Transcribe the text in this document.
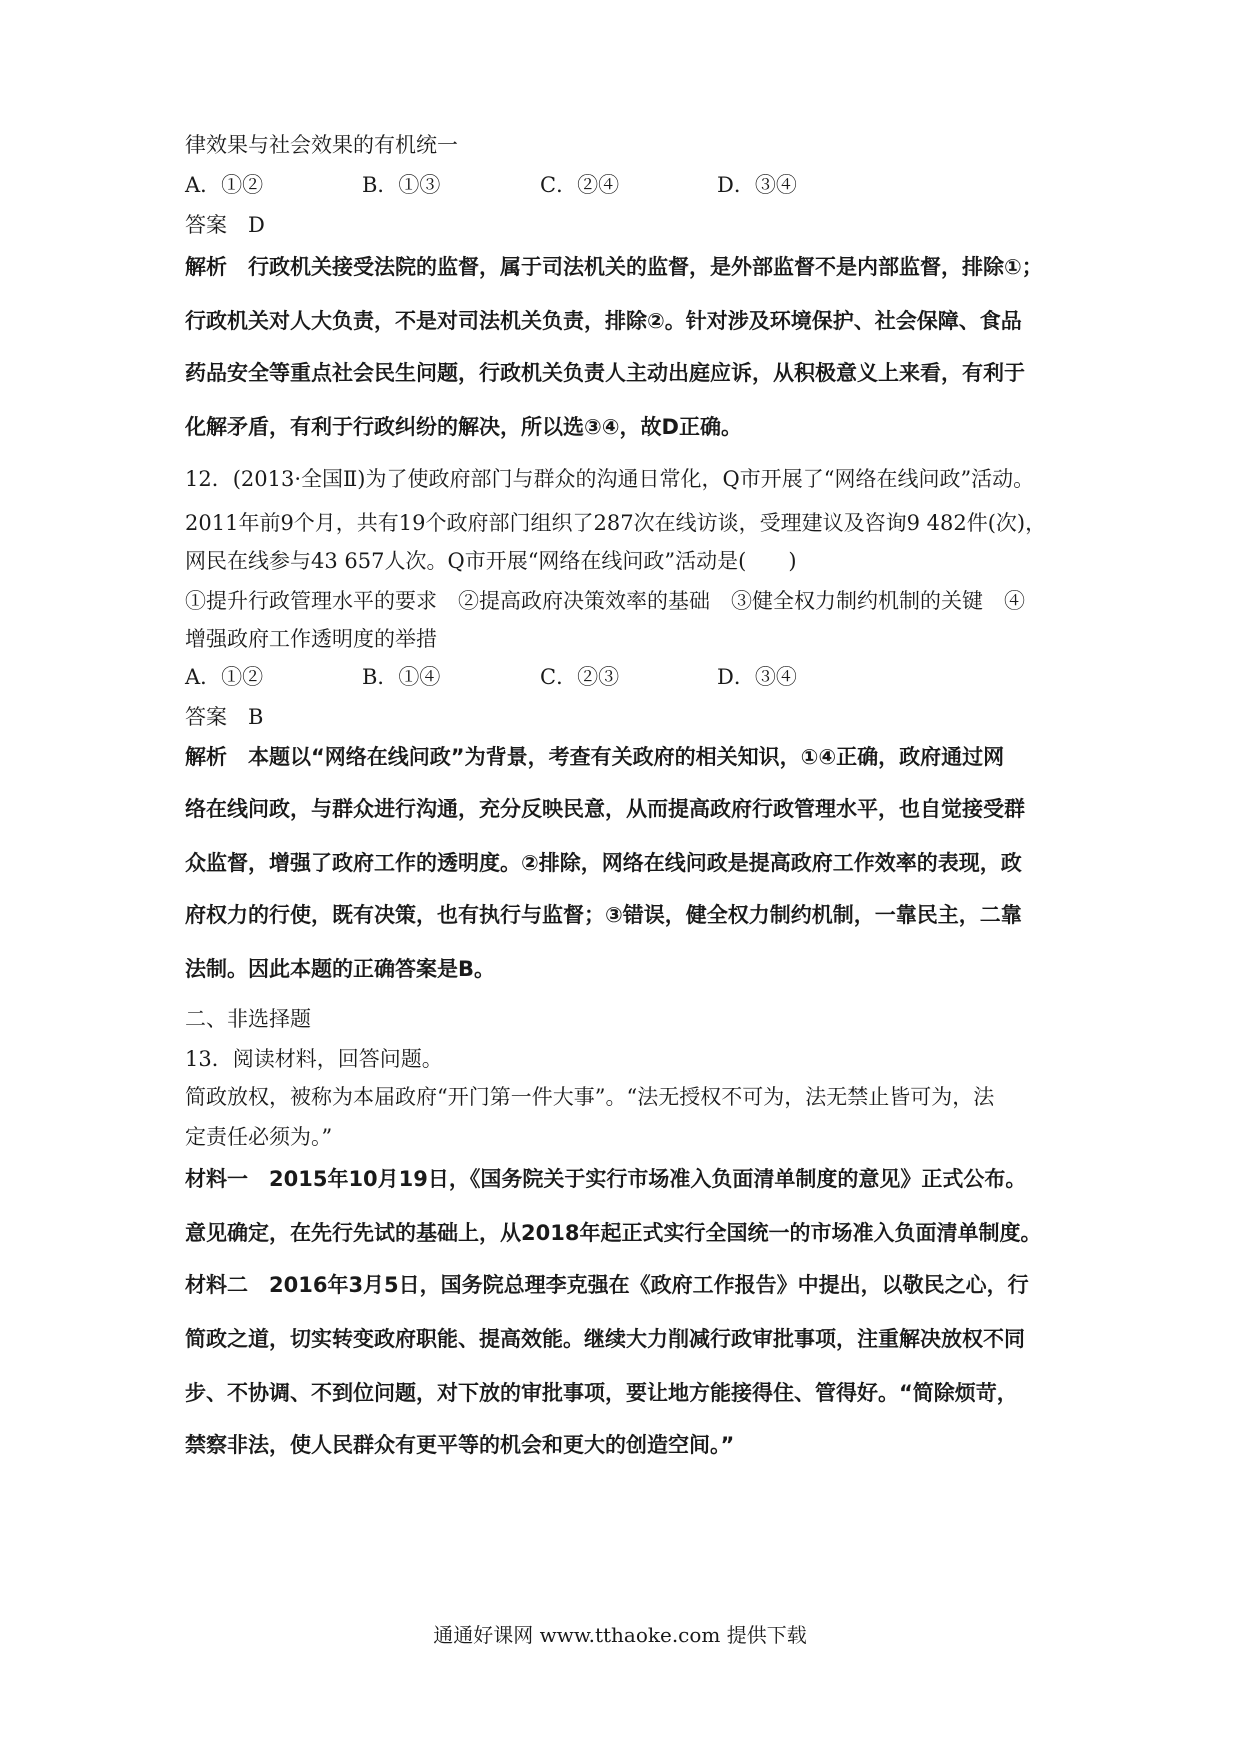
律效果与社会效果的有机统一
A．①②	B．①③	C．②④	D．③④
答案　D
解析　行政机关接受法院的监督，属于司法机关的监督，是外部监督不是内部监督，排除①；
行政机关对人大负责，不是对司法机关负责，排除②。针对涉及环境保护、社会保障、食品
药品安全等重点社会民生问题，行政机关负责人主动出庭应诉，从积极意义上来看，有利于
化解矛盾，有利于行政纠纷的解决，所以选③④，故D正确。
12．(2013·全国Ⅱ)为了使政府部门与群众的沟通日常化，Q市开展了“网络在线问政”活动。
2011年前9个月，共有19个政府部门组织了287次在线访谈，受理建议及咨询9 482件(次)，
网民在线参与43 657人次。Q市开展“网络在线问政”活动是(　　)
①提升行政管理水平的要求　②提高政府决策效率的基础　③健全权力制约机制的关键　④
增强政府工作透明度的举措
A．①②	B．①④	C．②③	D．③④
答案　B
解析　本题以“网络在线问政”为背景，考查有关政府的相关知识，①④正确，政府通过网
络在线问政，与群众进行沟通，充分反映民意，从而提高政府行政管理水平，也自觉接受群
众监督，增强了政府工作的透明度。②排除，网络在线问政是提高政府工作效率的表现，政
府权力的行使，既有决策，也有执行与监督；③错误，健全权力制约机制，一靠民主，二靠
法制。因此本题的正确答案是B。
二、非选择题
13．阅读材料，回答问题。
简政放权，被称为本届政府“开门第一件大事”。“法无授权不可为，法无禁止皆可为，法
定责任必须为。”
材料一　2015年10月19日，《国务院关于实行市场准入负面清单制度的意见》正式公布。
意见确定，在先行先试的基础上，从2018年起正式实行全国统一的市场准入负面清单制度。
材料二　2016年3月5日，国务院总理李克强在《政府工作报告》中提出，以敬民之心，行
简政之道，切实转变政府职能、提高效能。继续大力削减行政审批事项，注重解决放权不同
步、不协调、不到位问题，对下放的审批事项，要让地方能接得住、管得好。“简除烦苛，
禁察非法，使人民群众有更平等的机会和更大的创造空间。”
通通好课网 www.tthaoke.com 提供下载
